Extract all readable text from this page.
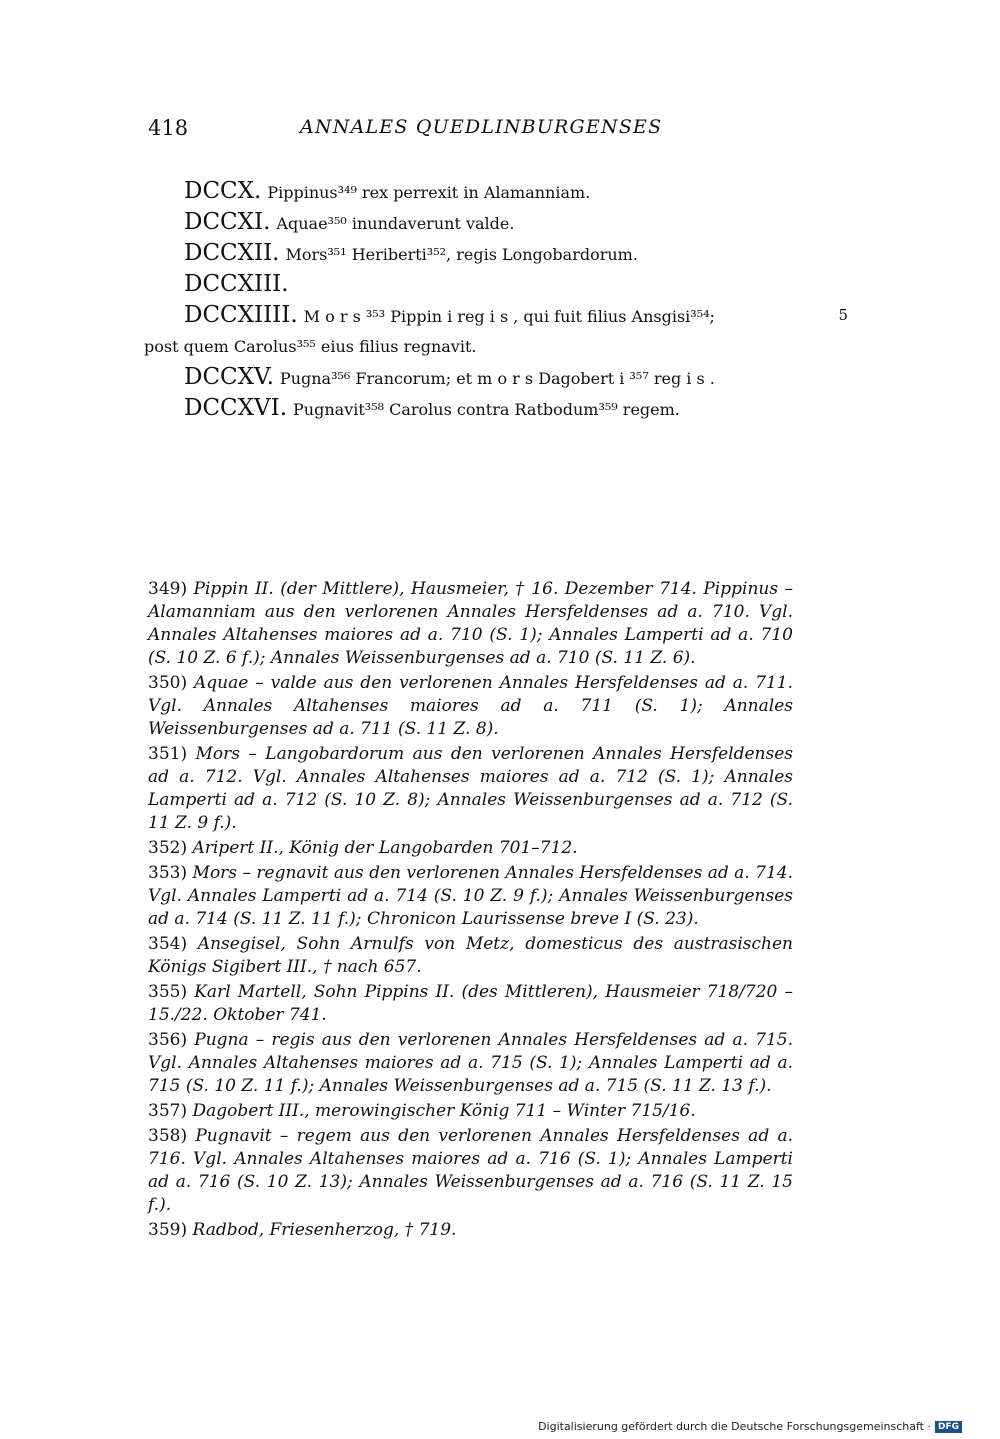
418	ANNALES QUEDLINBURGENSES
DCCX. Pippinus³⁴⁹ rex perrexit in Alamanniam.
DCCXI. Aquae³⁵⁰ inundaverunt valde.
DCCXII. Mors³⁵¹ Heriberti³⁵², regis Longobardorum.
DCCXIII.
DCCXIIII. M o r s ³⁵³ Pippin i reg i s , qui fuit filius Ansgisi³⁵⁴;	5
post quem Carolus³⁵⁵ eius filius regnavit.
DCCXV. Pugna³⁵⁶ Francorum; et m o r s Dagobert i ³⁵⁷ reg i s .
DCCXVI. Pugnavit³⁵⁸ Carolus contra Ratbodum³⁵⁹ regem.

349) Pippin II. (der Mittlere), Hausmeier, † 16. Dezember 714. Pippinus – Alamanniam aus den verlorenen Annales Hersfeldenses ad a. 710. Vgl. Annales Altahenses maiores ad a. 710 (S. 1); Annales Lamperti ad a. 710 (S. 10 Z. 6 f.); Annales Weissenburgenses ad a. 710 (S. 11 Z. 6).

350) Aquae – valde aus den verlorenen Annales Hersfeldenses ad a. 711. Vgl. Annales Altahenses maiores ad a. 711 (S. 1); Annales Weissenburgenses ad a. 711 (S. 11 Z. 8).

351) Mors – Langobardorum aus den verlorenen Annales Hersfeldenses ad a. 712. Vgl. Annales Altahenses maiores ad a. 712 (S. 1); Annales Lamperti ad a. 712 (S. 10 Z. 8); Annales Weissenburgenses ad a. 712 (S. 11 Z. 9 f.).

352) Aripert II., König der Langobarden 701–712.

353) Mors – regnavit aus den verlorenen Annales Hersfeldenses ad a. 714. Vgl. Annales Lamperti ad a. 714 (S. 10 Z. 9 f.); Annales Weissenburgenses ad a. 714 (S. 11 Z. 11 f.); Chronicon Laurissense breve I (S. 23).

354) Ansegisel, Sohn Arnulfs von Metz, domesticus des austrasischen Königs Sigibert III., † nach 657.

355) Karl Martell, Sohn Pippins II. (des Mittleren), Hausmeier 718/720 – 15./22. Oktober 741.

356) Pugna – regis aus den verlorenen Annales Hersfeldenses ad a. 715. Vgl. Annales Altahenses maiores ad a. 715 (S. 1); Annales Lamperti ad a. 715 (S. 10 Z. 11 f.); Annales Weissenburgenses ad a. 715 (S. 11 Z. 13 f.).

357) Dagobert III., merowingischer König 711 – Winter 715/16.

358) Pugnavit – regem aus den verlorenen Annales Hersfeldenses ad a. 716. Vgl. Annales Altahenses maiores ad a. 716 (S. 1); Annales Lamperti ad a. 716 (S. 10 Z. 13); Annales Weissenburgenses ad a. 716 (S. 11 Z. 15 f.).

359) Radbod, Friesenherzog, † 719.

Digitalisierung gefördert durch die Deutsche Forschungsgemeinschaft · DFG
